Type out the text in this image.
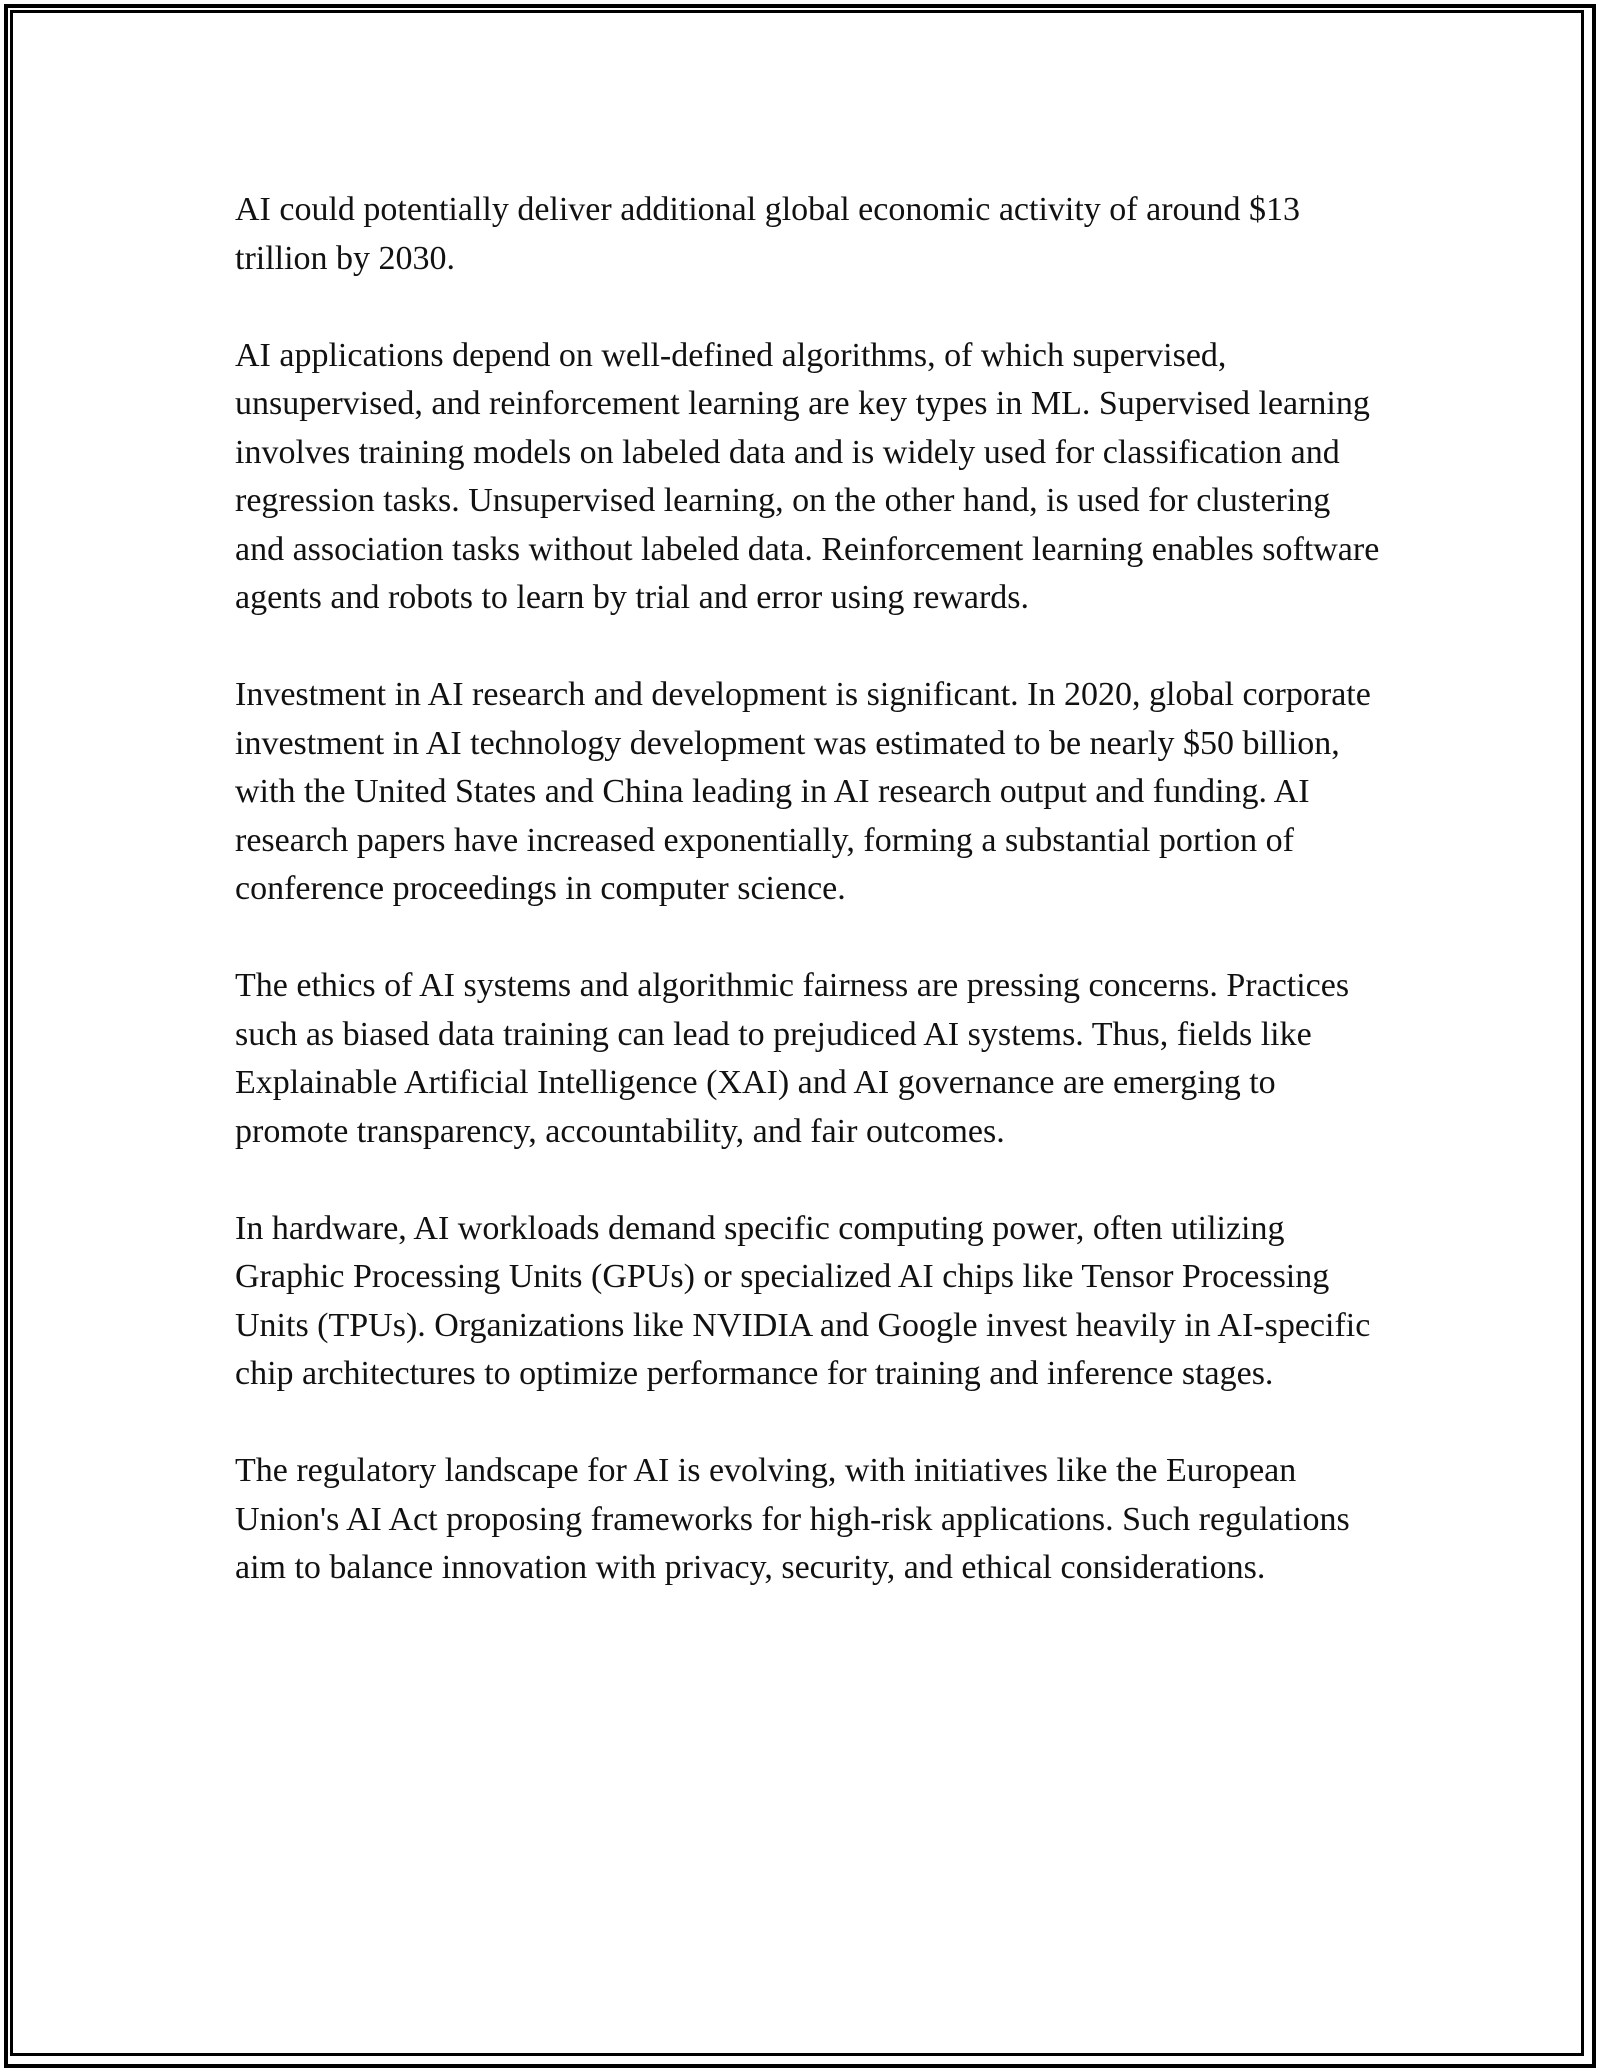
AI could potentially deliver additional global economic activity of around $13 trillion by 2030.

AI applications depend on well-defined algorithms, of which supervised, unsupervised, and reinforcement learning are key types in ML. Supervised learning involves training models on labeled data and is widely used for classification and regression tasks. Unsupervised learning, on the other hand, is used for clustering and association tasks without labeled data. Reinforcement learning enables software agents and robots to learn by trial and error using rewards.

Investment in AI research and development is significant. In 2020, global corporate investment in AI technology development was estimated to be nearly $50 billion, with the United States and China leading in AI research output and funding. AI research papers have increased exponentially, forming a substantial portion of conference proceedings in computer science.

The ethics of AI systems and algorithmic fairness are pressing concerns. Practices such as biased data training can lead to prejudiced AI systems. Thus, fields like Explainable Artificial Intelligence (XAI) and AI governance are emerging to promote transparency, accountability, and fair outcomes.

In hardware, AI workloads demand specific computing power, often utilizing Graphic Processing Units (GPUs) or specialized AI chips like Tensor Processing Units (TPUs). Organizations like NVIDIA and Google invest heavily in AI-specific chip architectures to optimize performance for training and inference stages.

The regulatory landscape for AI is evolving, with initiatives like the European Union's AI Act proposing frameworks for high-risk applications. Such regulations aim to balance innovation with privacy, security, and ethical considerations.
